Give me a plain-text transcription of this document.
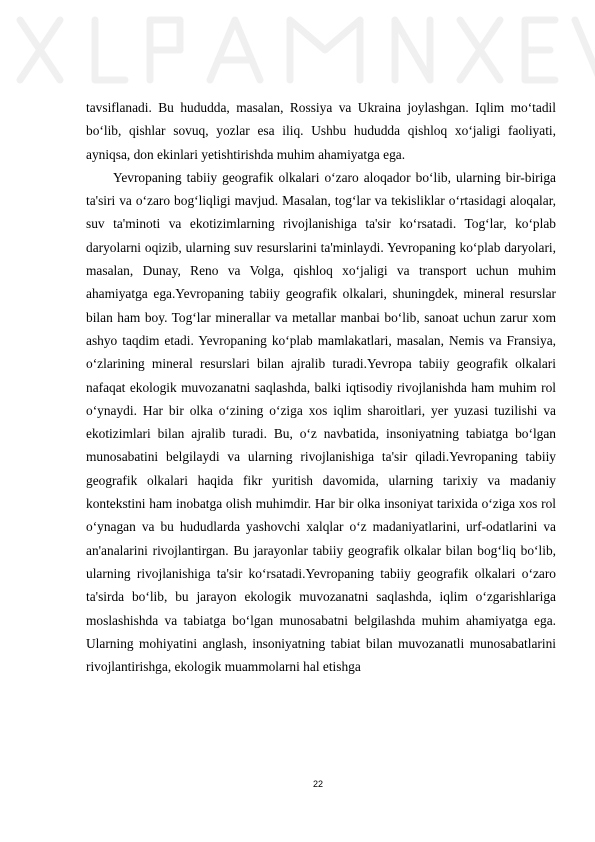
tavsiflanadi. Bu hududda, masalan, Rossiya va Ukraina joylashgan. Iqlim mo‘tadil bo‘lib, qishlar sovuq, yozlar esa iliq. Ushbu hududda qishloq xo‘jaligi faoliyati, ayniqsa, don ekinlari yetishtirishda muhim ahamiyatga ega.

Yevropaning tabiiy geografik olkalari o‘zaro aloqador bo‘lib, ularning bir-biriga ta'siri va o‘zaro bog‘liqligi mavjud. Masalan, tog‘lar va tekisliklar o‘rtasidagi aloqalar, suv ta'minoti va ekotizimlarning rivojlanishiga ta'sir ko‘rsatadi. Tog‘lar, ko‘plab daryolarni oqizib, ularning suv resurslarini ta'minlaydi. Yevropaning ko‘plab daryolari, masalan, Dunay, Reno va Volga, qishloq xo‘jaligi va transport uchun muhim ahamiyatga ega.Yevropaning tabiiy geografik olkalari, shuningdek, mineral resurslar bilan ham boy. Tog‘lar minerallar va metallar manbai bo‘lib, sanoat uchun zarur xom ashyo taqdim etadi. Yevropaning ko‘plab mamlakatlari, masalan, Nemis va Fransiya, o‘zlarining mineral resurslari bilan ajralib turadi.Yevropa tabiiy geografik olkalari nafaqat ekologik muvozanatni saqlashda, balki iqtisodiy rivojlanishda ham muhim rol o‘ynaydi. Har bir olka o‘zining o‘ziga xos iqlim sharoitlari, yer yuzasi tuzilishi va ekotizimlari bilan ajralib turadi. Bu, o‘z navbatida, insoniyatning tabiatga bo‘lgan munosabatini belgilaydi va ularning rivojlanishiga ta'sir qiladi.Yevropaning tabiiy geografik olkalari haqida fikr yuritish davomida, ularning tarixiy va madaniy kontekstini ham inobatga olish muhimdir. Har bir olka insoniyat tarixida o‘ziga xos rol o‘ynagan va bu hududlarda yashovchi xalqlar o‘z madaniyatlarini, urf-odatlarini va an'analarini rivojlantirgan. Bu jarayonlar tabiiy geografik olkalar bilan bog‘liq bo‘lib, ularning rivojlanishiga ta'sir ko‘rsatadi.Yevropaning tabiiy geografik olkalari o‘zaro ta'sirda bo‘lib, bu jarayon ekologik muvozanatni saqlashda, iqlim o‘zgarishlariga moslashishda va tabiatga bo‘lgan munosabatni belgilashda muhim ahamiyatga ega. Ularning mohiyatini anglash, insoniyatning tabiat bilan muvozanatli munosabatlarini rivojlantirishga, ekologik muammolarni hal etishga

22
